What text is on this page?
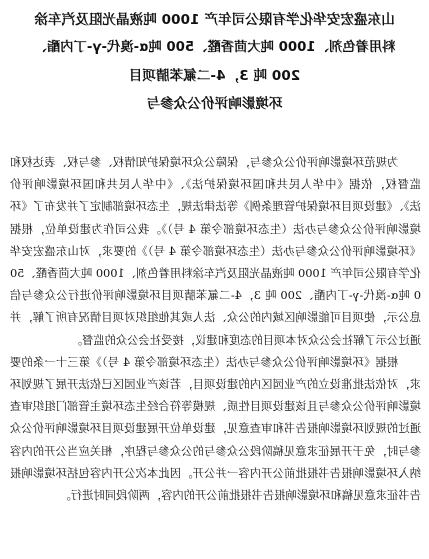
山东盛宏安华化学有限公司年产 1000 吨液晶光阻及汽车涂
料用着色剂、1000 吨大茴香醛、500 吨α-溴代-γ-丁内酯、
200 吨 3，4-二氟苯腈项目
环境影响评价公众参与

为规范环境影响评价公众参与，保障公众环境保护知情权、参与权、表达权和监督权，依据《中华人民共和国环境保护法》、《中华人民共和国环境影响评价法》、《建设项目环境保护管理条例》等法律法规，生态环境部制定了并发布了《环境影响评价公众参与办法（生态环境部令第 4 号）》。我公司作为建设单位，根据《环境影响评价公众参与办法（生态环境部令第 4 号）》的要求，对山东盛宏安华化学有限公司年产 1000 吨液晶光阻及汽车涂料用着色剂、1000 吨大茴香醛、500 吨α-溴代-γ-丁内酯、200 吨 3，4-二氟苯腈项目环境影响评价进行公众参与信息公示，使项目可能影响区域内的公众、法人或其他组织对项目情况有所了解，并通过公示了解社会公众对本项目的态度和建议，接受社会公众的监督。

根据《环境影响评价公众参与办法（生态环境部令第 4 号）》第三十一条的要求，对依法批准设立的产业园区内的建设项目，若该产业园区已依法开展了规划环境影响评价公众参与且该建设项目性质、规模等符合经生态环境主管部门组织审查通过的规划环境影响报告书和审查意见，建设单位开展建设项目环境影响评价公众参与时，免于开展征求意见稿阶段公众参与的公众参与程序，相关应当公开的内容纳入环境影响报告书报批前公开内容一并公开。因此本次公开内容包括环境影响报告书征求意见稿和环境影响报告书报批前公开的内容，两阶段同时进行。
